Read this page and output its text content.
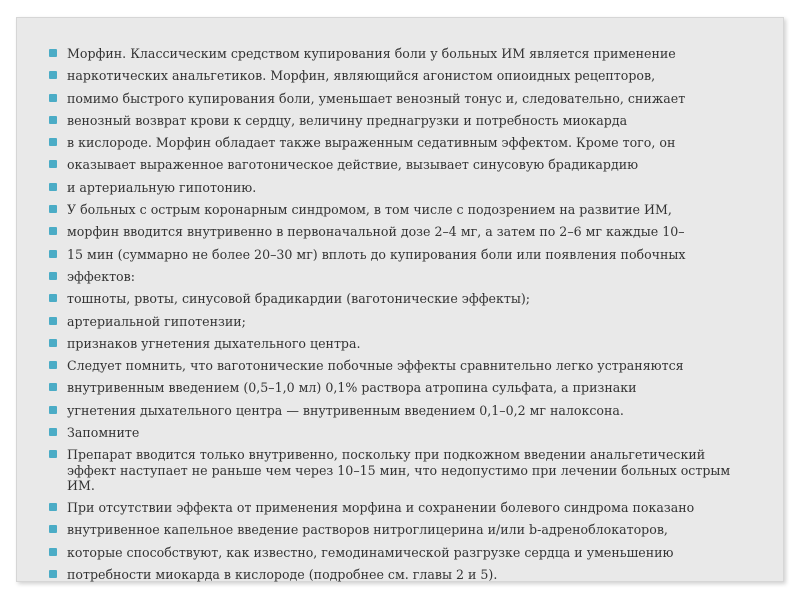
Морфин. Классическим средством купирования боли у больных ИМ является применение
наркотических анальгетиков. Морфин, являющийся агонистом опиоидных рецепторов,
помимо быстрого купирования боли, уменьшает венозный тонус и, следовательно, снижает
венозный возврат крови к сердцу, величину преднагрузки и потребность миокарда
в кислороде. Морфин обладает также выраженным седативным эффектом. Кроме того, он
оказывает выраженное ваготоническое действие, вызывает синусовую брадикардию
и артериальную гипотонию.
У больных с острым коронарным синдромом, в том числе с подозрением на развитие ИМ,
морфин вводится внутривенно в первоначальной дозе 2–4 мг, а затем по 2–6 мг каждые 10–
15 мин (суммарно не более 20–30 мг) вплоть до купирования боли или появления побочных
эффектов:
тошноты, рвоты, синусовой брадикардии (ваготонические эффекты);
артериальной гипотензии;
признаков угнетения дыхательного центра.
Следует помнить, что ваготонические побочные эффекты сравнительно легко устраняются
внутривенным введением (0,5–1,0 мл) 0,1% раствора атропина сульфата, а признаки
угнетения дыхательного центра — внутривенным введением 0,1–0,2 мг налоксона.
Запомните
Препарат вводится только внутривенно, поскольку при подкожном введении анальгетический эффект наступает не раньше чем через 10–15 мин, что недопустимо при лечении больных острым ИМ.
При отсутствии эффекта от применения морфина и сохранении болевого синдрома показано
внутривенное капельное введение растворов нитроглицерина и/или b-адреноблокаторов,
которые способствуют, как известно, гемодинамической разгрузке сердца и уменьшению
потребности миокарда в кислороде (подробнее см. главы 2 и 5).
